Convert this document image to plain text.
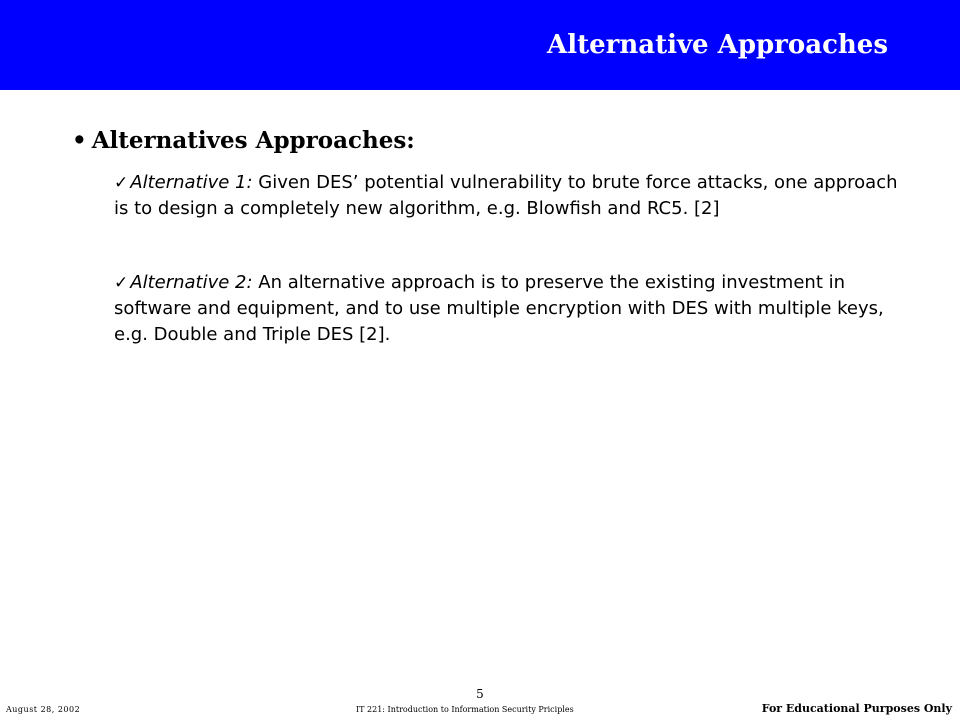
Alternative Approaches
• Alternatives Approaches:
✓ Alternative 1: Given DES’ potential vulnerability to brute force attacks, one approach is to design a completely new algorithm, e.g. Blowfish and RC5. [2]
✓ Alternative 2: An alternative approach is to preserve the existing investment in software and equipment, and to use multiple encryption with DES with multiple keys, e.g. Double and Triple DES [2].
5
August 28, 2002	IT 221: Introduction to Information Security Priciples	For Educational Purposes Only
